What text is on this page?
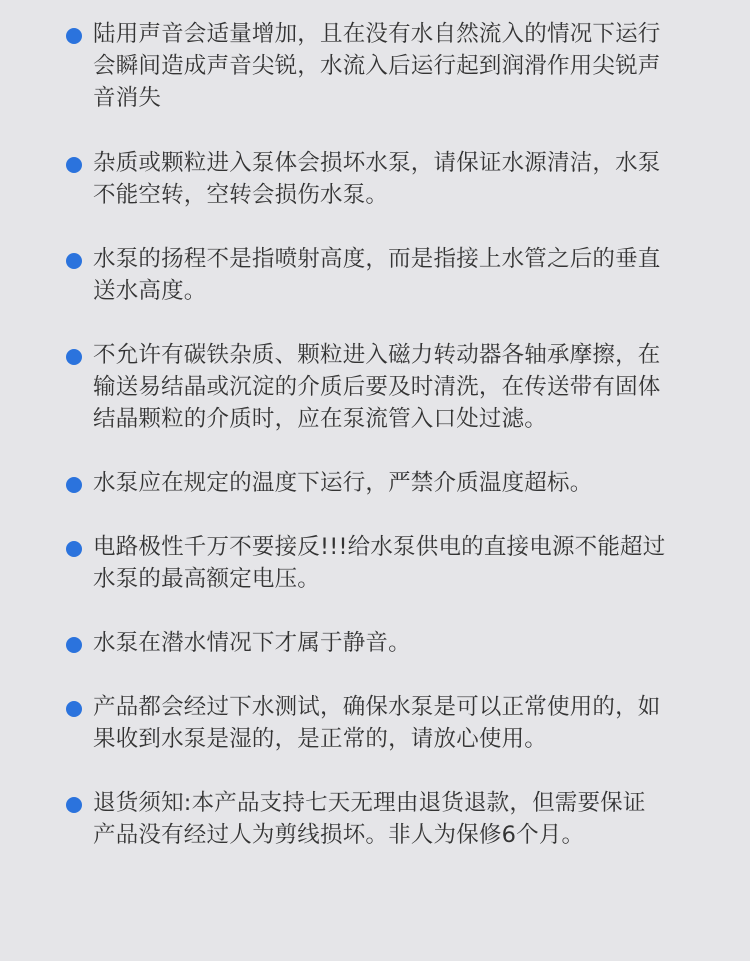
陆用声音会适量增加，且在没有水自然流入的情况下运行
会瞬间造成声音尖锐，水流入后运行起到润滑作用尖锐声
音消失
杂质或颗粒进入泵体会损坏水泵，请保证水源清洁，水泵
不能空转，空转会损伤水泵。
水泵的扬程不是指喷射高度，而是指接上水管之后的垂直
送水高度。
不允许有碳铁杂质、颗粒进入磁力转动器各轴承摩擦，在
输送易结晶或沉淀的介质后要及时清洗，在传送带有固体
结晶颗粒的介质时，应在泵流管入口处过滤。
水泵应在规定的温度下运行，严禁介质温度超标。
电路极性千万不要接反!!!给水泵供电的直接电源不能超过
水泵的最高额定电压。
水泵在潜水情况下才属于静音。
产品都会经过下水测试，确保水泵是可以正常使用的，如
果收到水泵是湿的，是正常的，请放心使用。
退货须知:本产品支持七天无理由退货退款，但需要保证
产品没有经过人为剪线损坏。非人为保修6个月。
